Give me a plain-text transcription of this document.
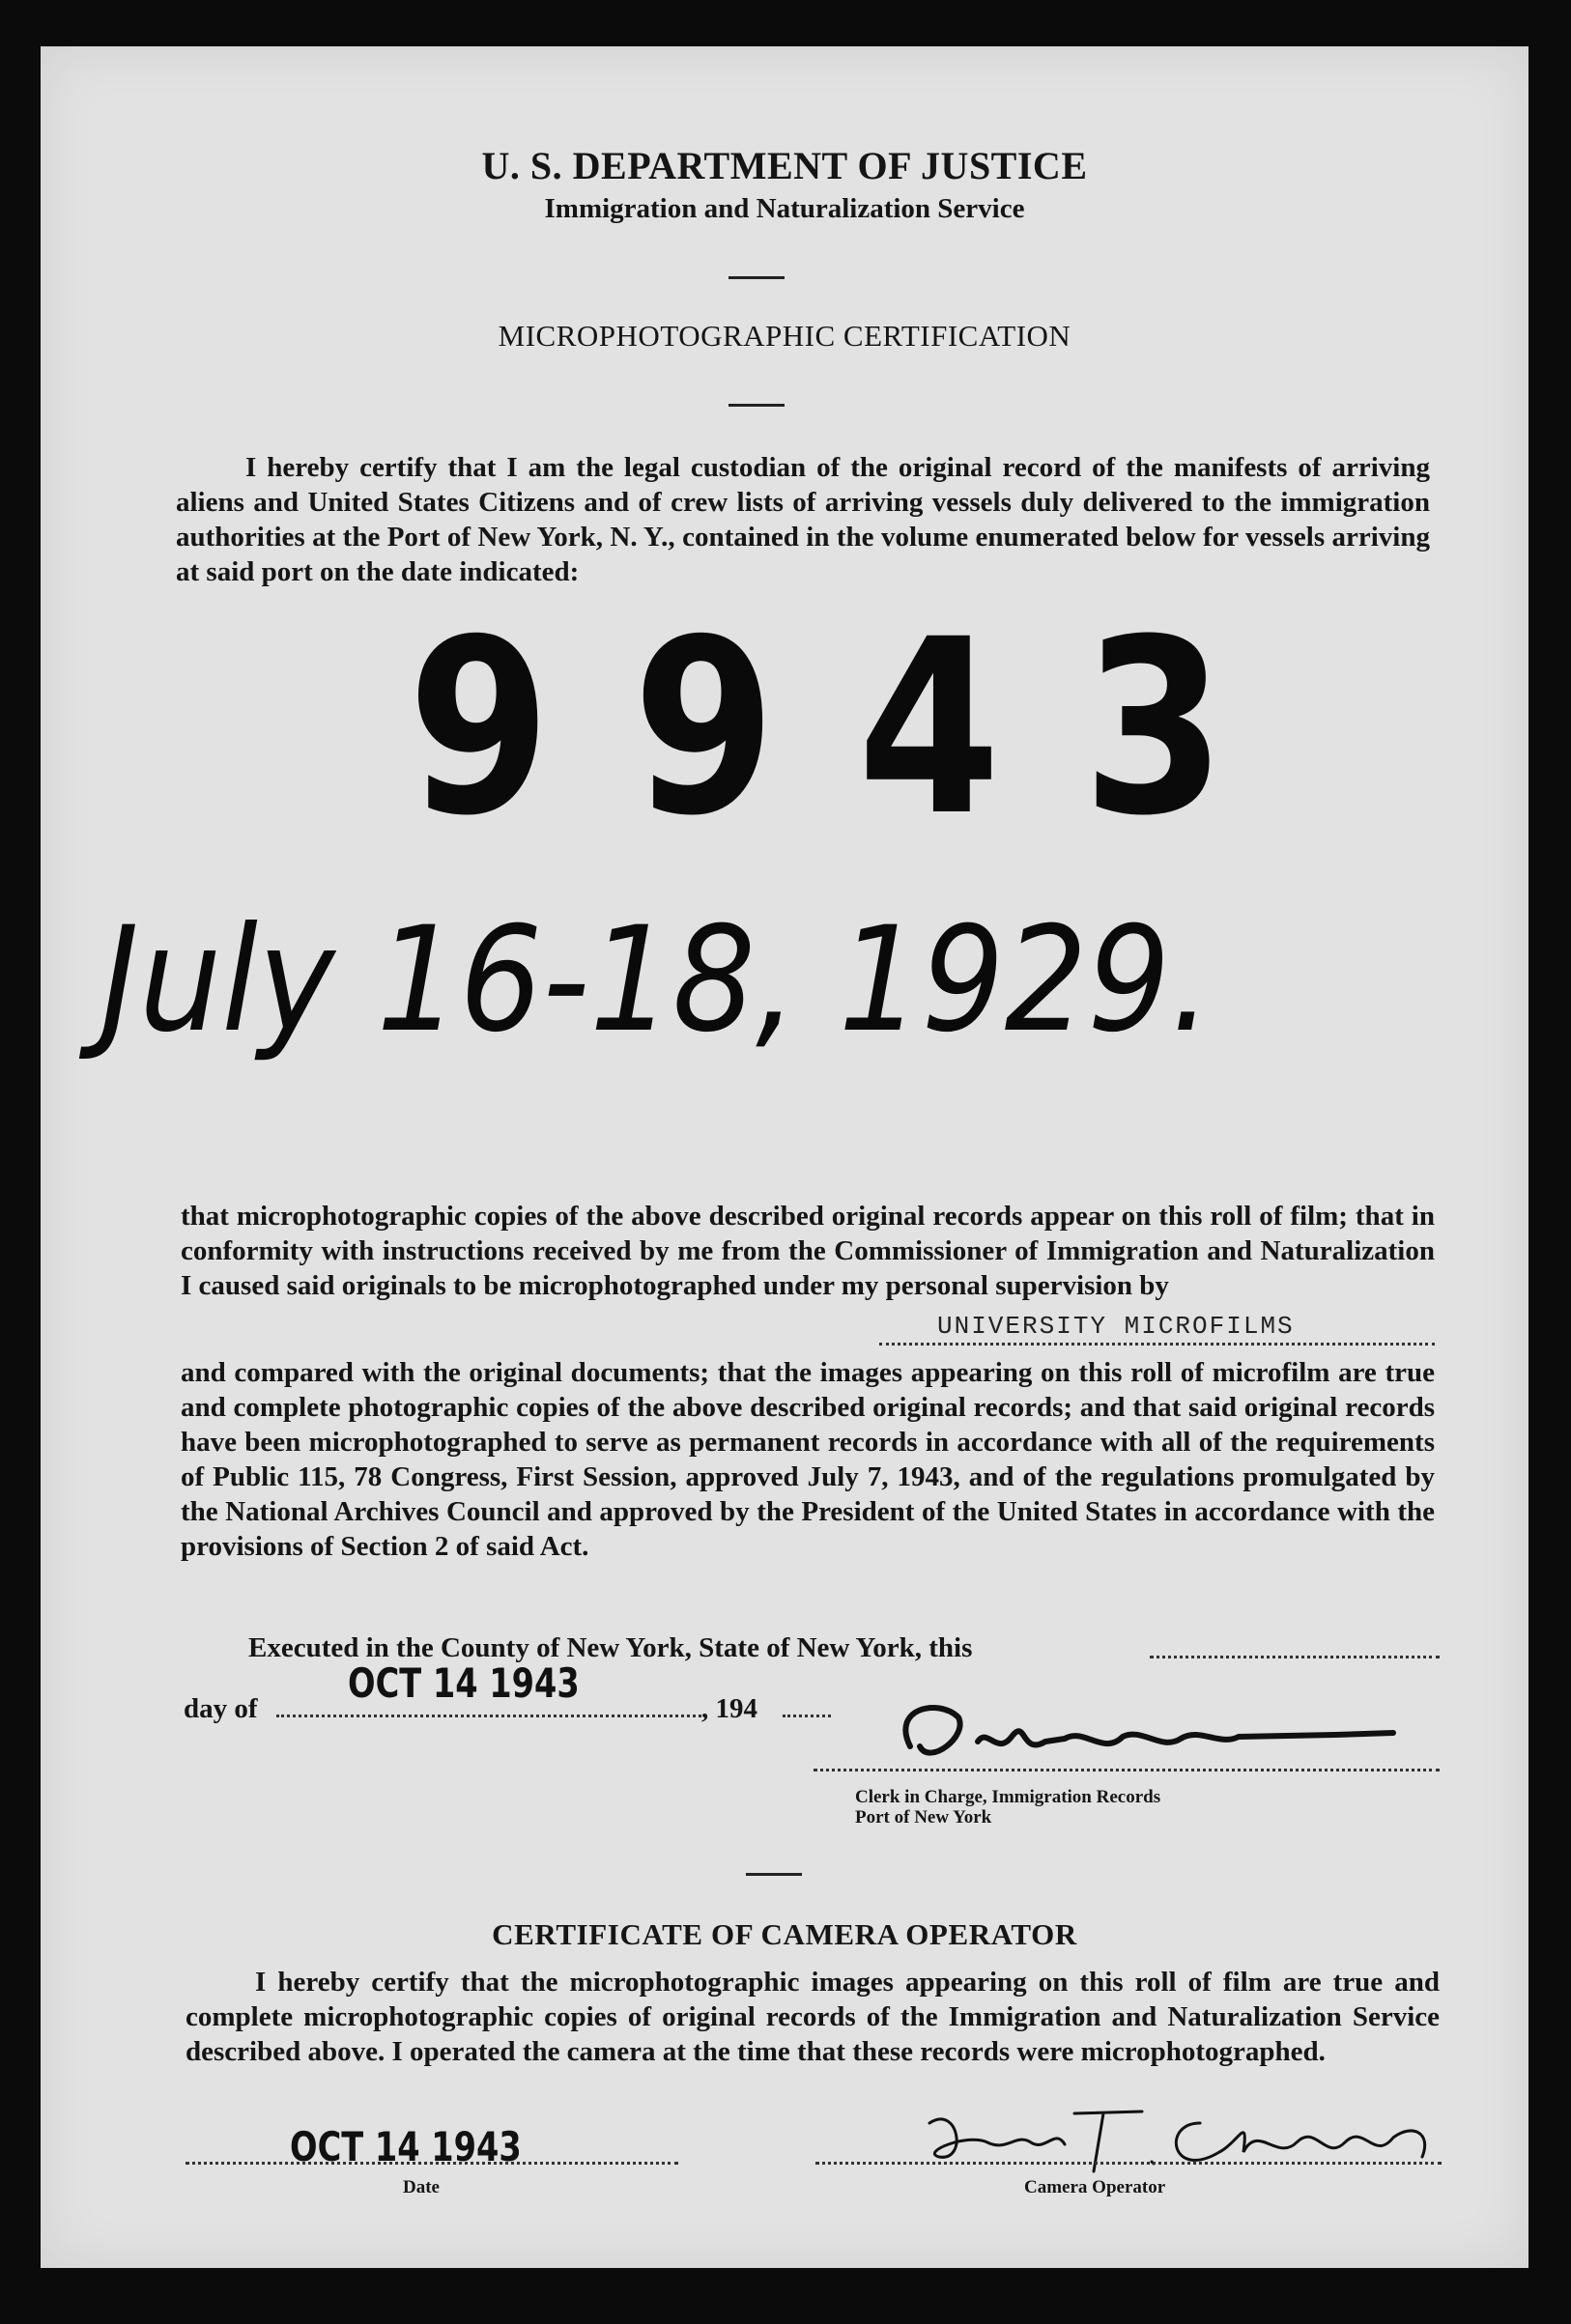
U. S. DEPARTMENT OF JUSTICE
Immigration and Naturalization Service
MICROPHOTOGRAPHIC CERTIFICATION
I hereby certify that I am the legal custodian of the original record of the manifests of arriving aliens and United States Citizens and of crew lists of arriving vessels duly delivered to the immigration authorities at the Port of New York, N. Y., contained in the volume enumerated below for vessels arriving at said port on the date indicated:
9943
July 16-18, 1929.
that microphotographic copies of the above described original records appear on this roll of film; that in conformity with instructions received by me from the Commissioner of Immigration and Naturalization I caused said originals to be microphotographed under my personal supervision by
UNIVERSITY MICROFILMS
and compared with the original documents; that the images appearing on this roll of microfilm are true and complete photographic copies of the above described original records; and that said original records have been microphotographed to serve as permanent records in accordance with all of the requirements of Public 115, 78 Congress, First Session, approved July 7, 1943, and of the regulations promulgated by the National Archives Council and approved by the President of the United States in accordance with the provisions of Section 2 of said Act.
Executed in the County of New York, State of New York, this
day of
OCT 14 1943
, 194
Clerk in Charge, Immigration Records
Port of New York
CERTIFICATE OF CAMERA OPERATOR
I hereby certify that the microphotographic images appearing on this roll of film are true and complete microphotographic copies of original records of the Immigration and Naturalization Service described above. I operated the camera at the time that these records were microphotographed.
OCT 14 1943
Date	Camera Operator
